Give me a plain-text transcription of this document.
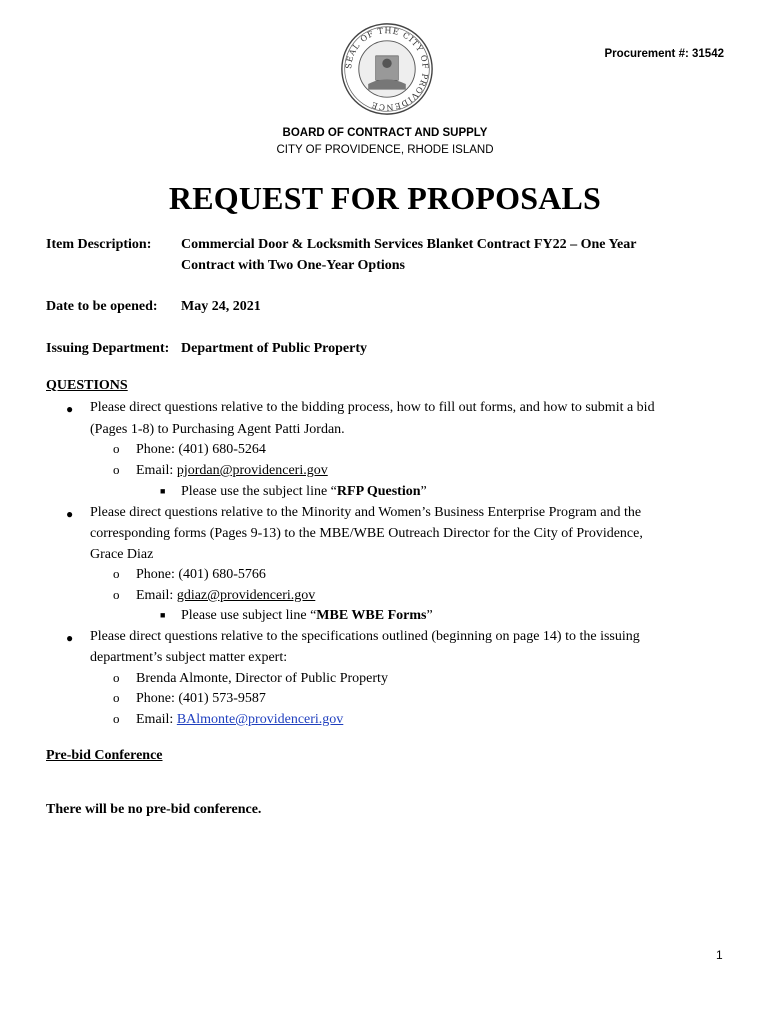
SEAL OF THE CITY OF PROVIDENCE
Procurement #: 31542
BOARD OF CONTRACT AND SUPPLY
CITY OF PROVIDENCE, RHODE ISLAND
REQUEST FOR PROPOSALS
Item Description: Commercial Door & Locksmith Services Blanket Contract FY22 – One Year
Contract with Two One-Year Options
Date to be opened: May 24, 2021
Issuing Department: Department of Public Property
QUESTIONS
● Please direct questions relative to the bidding process, how to fill out forms, and how to submit a bid
(Pages 1-8) to Purchasing Agent Patti Jordan.
o Phone: (401) 680-5264
o Email: pjordan@providenceri.gov
■ Please use the subject line “RFP Question”
● Please direct questions relative to the Minority and Women’s Business Enterprise Program and the
corresponding forms (Pages 9-13) to the MBE/WBE Outreach Director for the City of Providence,
Grace Diaz
o Phone: (401) 680-5766
o Email: gdiaz@providenceri.gov
■ Please use subject line “MBE WBE Forms”
● Please direct questions relative to the specifications outlined (beginning on page 14) to the issuing
department’s subject matter expert:
o Brenda Almonte, Director of Public Property
o Phone: (401) 573-9587
o Email: BAlmonte@providenceri.gov
Pre-bid Conference
There will be no pre-bid conference.
1
